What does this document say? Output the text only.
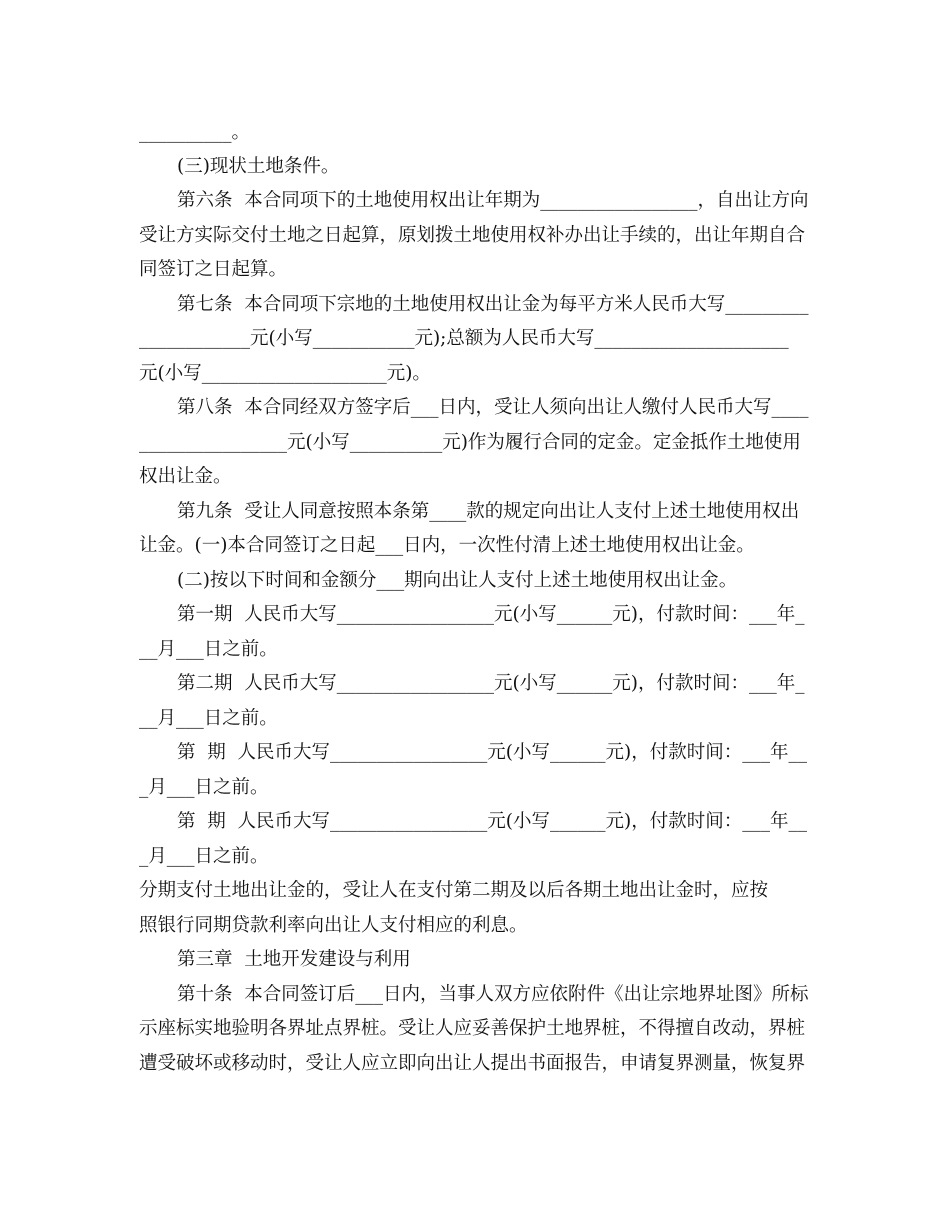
__________。

(三)现状土地条件。

第六条  本合同项下的土地使用权出让年期为_________________，自出让方向

受让方实际交付土地之日起算，原划拨土地使用权补办出让手续的，出让年期自合

同签订之日起算。

第七条  本合同项下宗地的土地使用权出让金为每平方米人民币大写_________

____________元(小写___________元);总额为人民币大写_____________________

元(小写____________________元)。

第八条  本合同经双方签字后___日内，受让人须向出让人缴付人民币大写____

________________元(小写__________元)作为履行合同的定金。定金抵作土地使用

权出让金。

第九条  受让人同意按照本条第____款的规定向出让人支付上述土地使用权出

让金。(一)本合同签订之日起___日内，一次性付清上述土地使用权出让金。

(二)按以下时间和金额分___期向出让人支付上述土地使用权出让金。

第一期  人民币大写_________________元(小写______元)，付款时间：___年_

__月___日之前。

第二期  人民币大写_________________元(小写______元)，付款时间：___年_

__月___日之前。

第  期  人民币大写_________________元(小写______元)，付款时间：___年__

_月___日之前。

第  期  人民币大写_________________元(小写______元)，付款时间：___年__

_月___日之前。

分期支付土地出让金的，受让人在支付第二期及以后各期土地出让金时，应按

照银行同期贷款利率向出让人支付相应的利息。

第三章  土地开发建设与利用

第十条  本合同签订后___日内，当事人双方应依附件《出让宗地界址图》所标

示座标实地验明各界址点界桩。受让人应妥善保护土地界桩，不得擅自改动，界桩

遭受破坏或移动时，受让人应立即向出让人提出书面报告，申请复界测量，恢复界
